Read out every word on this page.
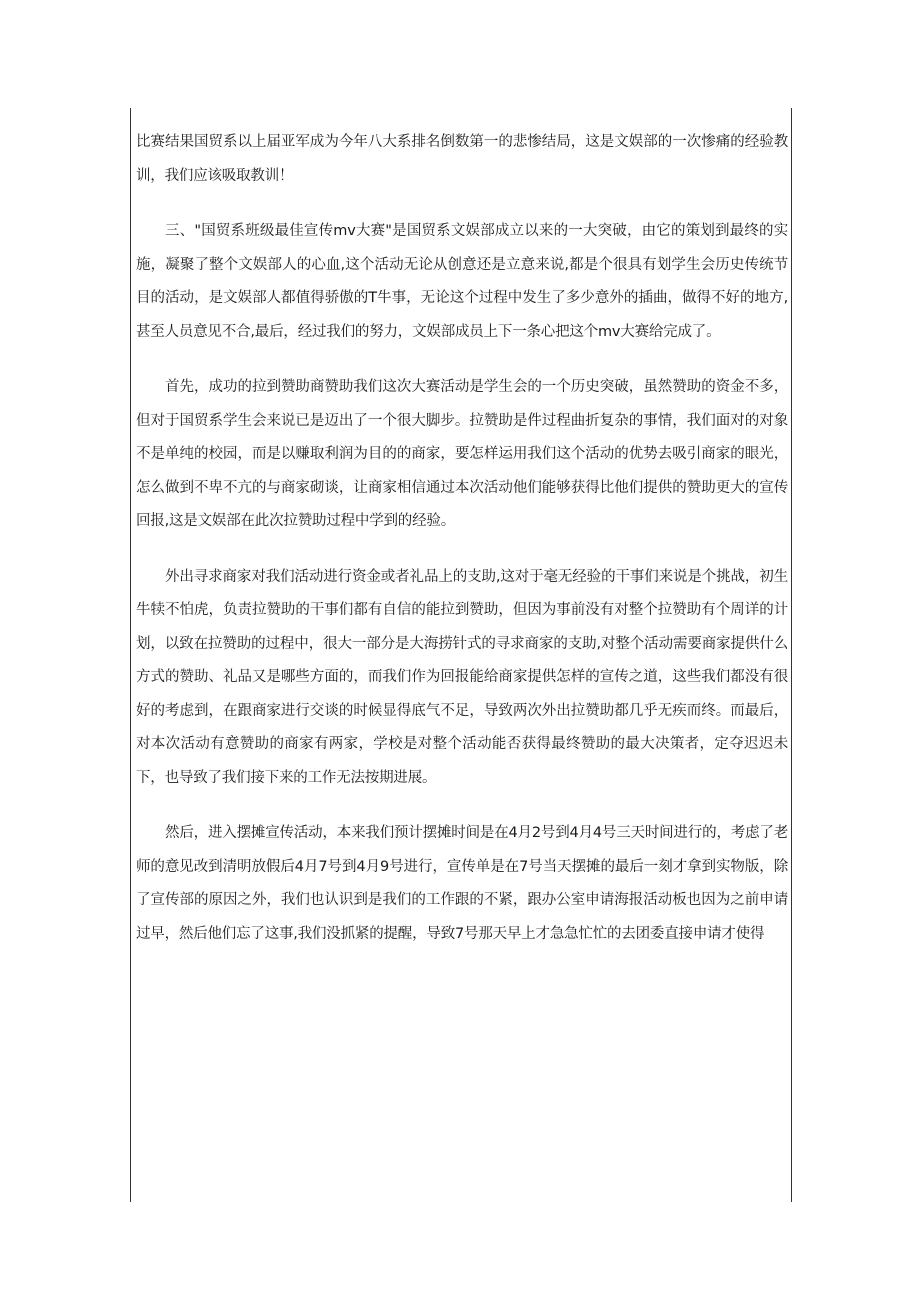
比赛结果国贸系以上届亚军成为今年八大系排名倒数第一的悲惨结局，这是文娱部的一次惨痛的经验教训，我们应该吸取教训！

三、"国贸系班级最佳宣传mv大赛"是国贸系文娱部成立以来的一大突破，由它的策划到最终的实施，凝聚了整个文娱部人的心血,这个活动无论从创意还是立意来说,都是个很具有划学生会历史传统节目的活动，是文娱部人都值得骄傲的T牛事，无论这个过程中发生了多少意外的插曲，做得不好的地方,甚至人员意见不合,最后，经过我们的努力，文娱部成员上下一条心把这个mv大赛给完成了。

首先，成功的拉到赞助商赞助我们这次大赛活动是学生会的一个历史突破，虽然赞助的资金不多，但对于国贸系学生会来说已是迈出了一个很大脚步。拉赞助是件过程曲折复杂的事情，我们面对的对象不是单纯的校园，而是以赚取利润为目的的商家，要怎样运用我们这个活动的优势去吸引商家的眼光，怎么做到不卑不亢的与商家砌谈，让商家相信通过本次活动他们能够获得比他们提供的赞助更大的宣传回报,这是文娱部在此次拉赞助过程中学到的经验。

外出寻求商家对我们活动进行资金或者礼品上的支助,这对于毫无经验的干事们来说是个挑战，初生牛犊不怕虎，负责拉赞助的干事们都有自信的能拉到赞助，但因为事前没有对整个拉赞助有个周详的计划，以致在拉赞助的过程中，很大一部分是大海捞针式的寻求商家的支助,对整个活动需要商家提供什么方式的赞助、礼品又是哪些方面的，而我们作为回报能给商家提供怎样的宣传之道，这些我们都没有很好的考虑到，在跟商家进行交谈的时候显得底气不足，导致两次外出拉赞助都几乎无疾而终。而最后，对本次活动有意赞助的商家有两家，学校是对整个活动能否获得最终赞助的最大决策者，定夺迟迟未下，也导致了我们接下来的工作无法按期进展。

然后，进入摆摊宣传活动，本来我们预计摆摊时间是在4月2号到4月4号三天时间进行的，考虑了老师的意见改到清明放假后4月7号到4月9号进行，宣传单是在7号当天摆摊的最后一刻才拿到实物版，除了宣传部的原因之外，我们也认识到是我们的工作跟的不紧，跟办公室申请海报活动板也因为之前申请过早，然后他们忘了这事,我们没抓紧的提醒，导致7号那天早上才急急忙忙的去团委直接申请才使得
